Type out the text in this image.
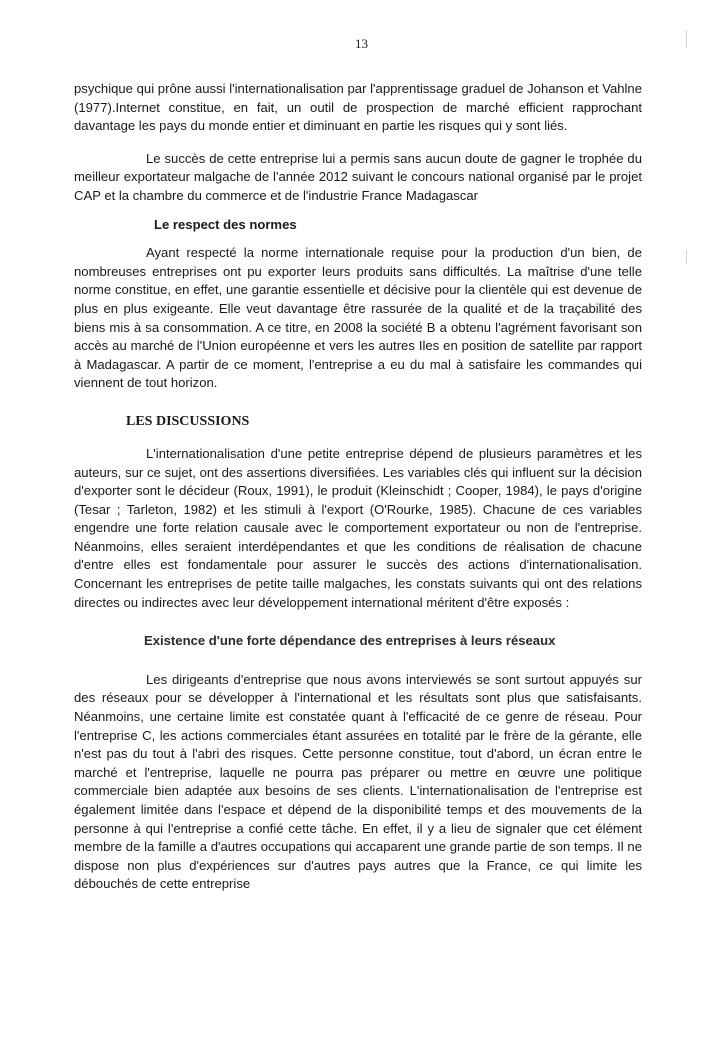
13

psychique qui prône aussi l'internationalisation par l'apprentissage graduel de Johanson et Vahlne (1977).Internet constitue, en fait, un outil de prospection de marché efficient rapprochant davantage les pays du monde entier et diminuant en partie les risques qui y sont liés.

Le succès de cette entreprise lui a permis sans aucun doute de gagner le trophée du meilleur exportateur malgache de l'année 2012 suivant le concours national organisé par le projet CAP et la chambre du commerce et de l'industrie France Madagascar

Le respect des normes

Ayant respecté la norme internationale requise pour la production d'un bien, de nombreuses entreprises ont pu exporter leurs produits sans difficultés. La maîtrise d'une telle norme constitue, en effet, une garantie essentielle et décisive pour la clientèle qui est devenue de plus en plus exigeante. Elle veut davantage être rassurée de la qualité et de la traçabilité des biens mis à sa consommation. A ce titre, en 2008 la société B a obtenu l'agrément favorisant son accès au marché de l'Union européenne et vers les autres Iles en position de satellite par rapport à Madagascar. A partir de ce moment, l'entreprise a eu du mal à satisfaire les commandes qui viennent de tout horizon.

LES DISCUSSIONS

L'internationalisation d'une petite entreprise dépend de plusieurs paramètres et les auteurs, sur ce sujet, ont des assertions diversifiées. Les variables clés qui influent sur la décision d'exporter sont le décideur (Roux, 1991), le produit (Kleinschidt ; Cooper, 1984), le pays d'origine (Tesar ; Tarleton, 1982) et les stimuli à l'export (O'Rourke, 1985). Chacune de ces variables engendre une forte relation causale avec le comportement exportateur ou non de l'entreprise. Néanmoins, elles seraient interdépendantes et que les conditions de réalisation de chacune d'entre elles est fondamentale pour assurer le succès des actions d'internationalisation. Concernant les entreprises de petite taille malgaches, les constats suivants qui ont des relations directes ou indirectes avec leur développement international méritent d'être exposés :

Existence d'une forte dépendance des entreprises à leurs réseaux

Les dirigeants d'entreprise que nous avons interviewés se sont surtout appuyés sur des réseaux pour se développer à l'international et les résultats sont plus que satisfaisants. Néanmoins, une certaine limite est constatée quant à l'efficacité de ce genre de réseau. Pour l'entreprise C, les actions commerciales étant assurées en totalité par le frère de la gérante, elle n'est pas du tout à l'abri des risques. Cette personne constitue, tout d'abord, un écran entre le marché et l'entreprise, laquelle ne pourra pas préparer ou mettre en œuvre une politique commerciale bien adaptée aux besoins de ses clients. L'internationalisation de l'entreprise est également limitée dans l'espace et dépend de la disponibilité temps et des mouvements de la personne à qui l'entreprise a confié cette tâche. En effet, il y a lieu de signaler que cet élément membre de la famille a d'autres occupations qui accaparent une grande partie de son temps. Il ne dispose non plus d'expériences sur d'autres pays autres que la France, ce qui limite les débouchés de cette entreprise
